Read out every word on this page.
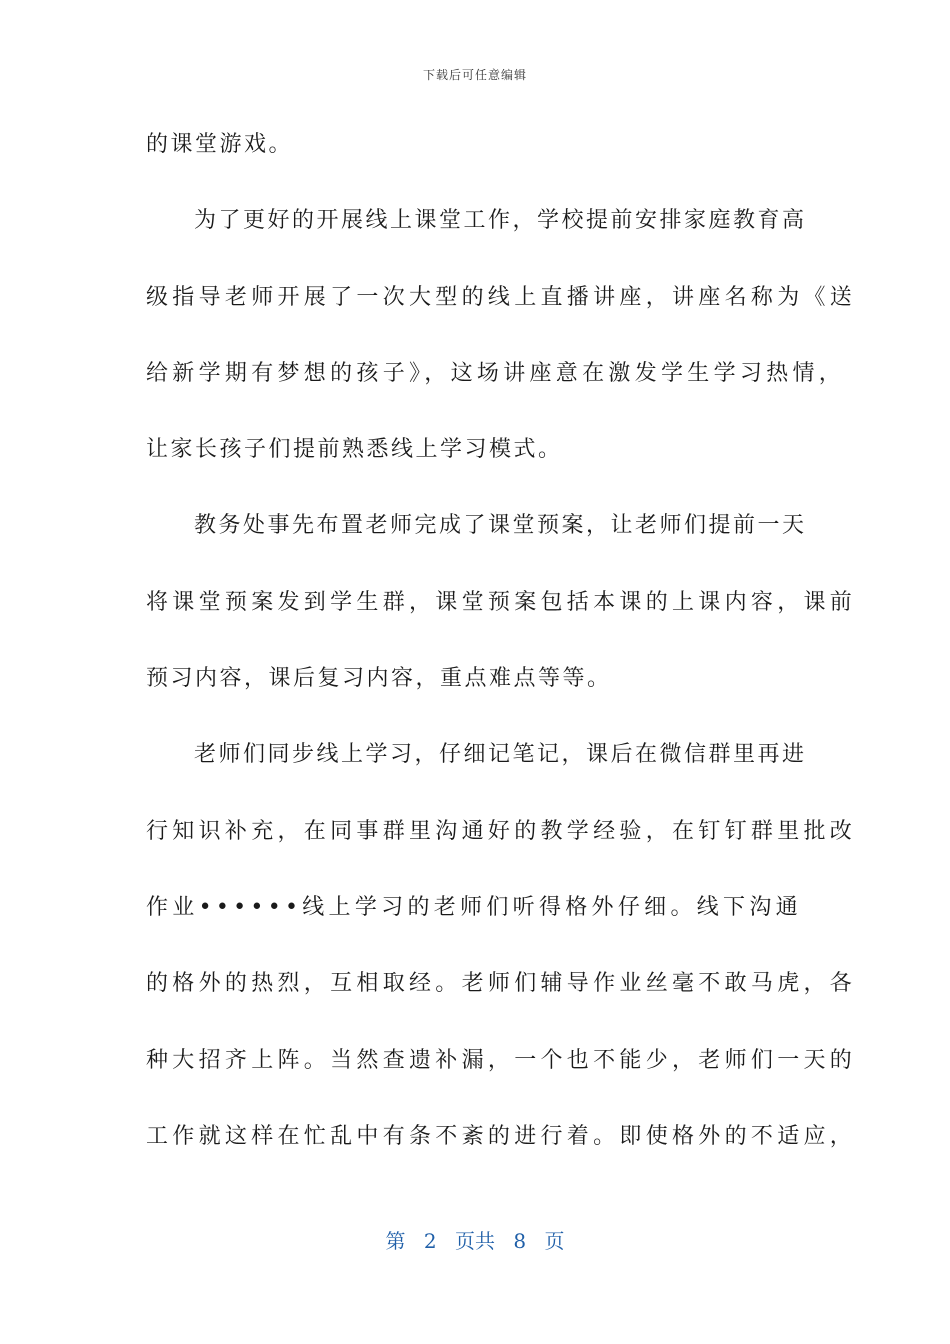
下载后可任意编辑
的课堂游戏。
为了更好的开展线上课堂工作，学校提前安排家庭教育高
级指导老师开展了一次大型的线上直播讲座，讲座名称为《送
给新学期有梦想的孩子》，这场讲座意在激发学生学习热情，
让家长孩子们提前熟悉线上学习模式。
教务处事先布置老师完成了课堂预案，让老师们提前一天
将课堂预案发到学生群，课堂预案包括本课的上课内容，课前
预习内容，课后复习内容，重点难点等等。
老师们同步线上学习，仔细记笔记，课后在微信群里再进
行知识补充，在同事群里沟通好的教学经验，在钉钉群里批改
作业••••••线上学习的老师们听得格外仔细。线下沟通
的格外的热烈，互相取经。老师们辅导作业丝毫不敢马虎，各
种大招齐上阵。当然查遗补漏，一个也不能少，老师们一天的
工作就这样在忙乱中有条不紊的进行着。即使格外的不适应，
第 2 页共 8 页
